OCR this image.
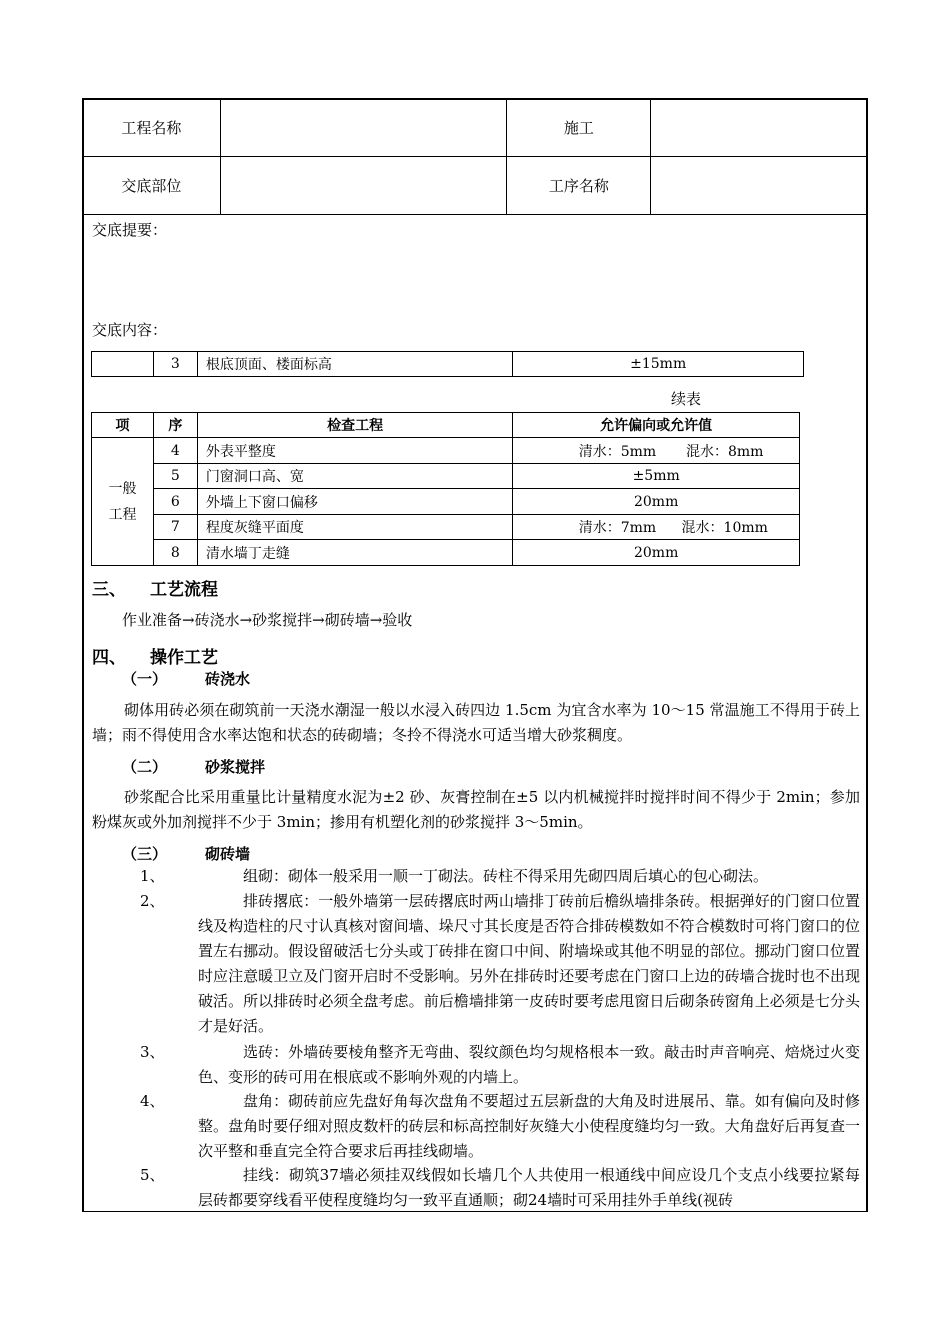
工程名称		施工	
交底部位		工序名称	
交底提要：
交底内容：
	3	根底顶面、楼面标高	±15mm
续表
项	序	检查工程	允许偏向或允许值

一般
工程	4	外表平整度	清水：5mm 混水：8mm
	5	门窗洞口高、宽	±5mm
	6	外墙上下窗口偏移	20mm
	7	程度灰缝平面度	清水：7mm 混水：10mm
	8	清水墙丁走缝	20mm
三、 工艺流程
作业准备→砖浇水→砂浆搅拌→砌砖墙→验收
四、 操作工艺
（一）	砖浇水
砌体用砖必须在砌筑前一天浇水潮湿一般以水浸入砖四边 1.5cm 为宜含水率为 10～15 常温施工不得用于砖上墙；雨不得使用含水率达饱和状态的砖砌墙；冬拎不得浇水可适当增大砂浆稠度。
（二）	砂浆搅拌
砂浆配合比采用重量比计量精度水泥为±2 砂、灰膏控制在±5 以内机械搅拌时搅拌时间不得少于 2min；参加粉煤灰或外加剂搅拌不少于 3min；掺用有机塑化剂的砂浆搅拌 3～5min。
（三）	砌砖墙
1、	组砌：砌体一般采用一顺一丁砌法。砖柱不得采用先砌四周后填心的包心砌法。
2、	排砖撂底：一般外墙第一层砖撂底时两山墙排丁砖前后檐纵墙排条砖。根据弹好的门窗口位置线及构造柱的尺寸认真核对窗间墙、垛尺寸其长度是否符合排砖模数如不符合模数时可将门窗口的位置左右挪动。假设留破活七分头或丁砖排在窗口中间、附墙垛或其他不明显的部位。挪动门窗口位置时应注意暖卫立及门窗开启时不受影响。另外在排砖时还要考虑在门窗口上边的砖墙合拢时也不出现破活。所以排砖时必须全盘考虑。前后檐墙排第一皮砖时要考虑甩窗日后砌条砖窗角上必须是七分头才是好活。
3、	选砖：外墙砖要棱角整齐无弯曲、裂纹颜色均匀规格根本一致。敲击时声音响亮、焙烧过火变色、变形的砖可用在根底或不影响外观的内墙上。
4、	盘角：砌砖前应先盘好角每次盘角不要超过五层新盘的大角及时进展吊、靠。如有偏向及时修整。盘角时要仔细对照皮数杆的砖层和标高控制好灰缝大小使程度缝均匀一致。大角盘好后再复查一次平整和垂直完全符合要求后再挂线砌墙。
5、	挂线：砌筑37墙必须挂双线假如长墙几个人共使用一根通线中间应设几个支点小线要拉紧每层砖都要穿线看平使程度缝均匀一致平直通顺；砌24墙时可采用挂外手单线(视砖
